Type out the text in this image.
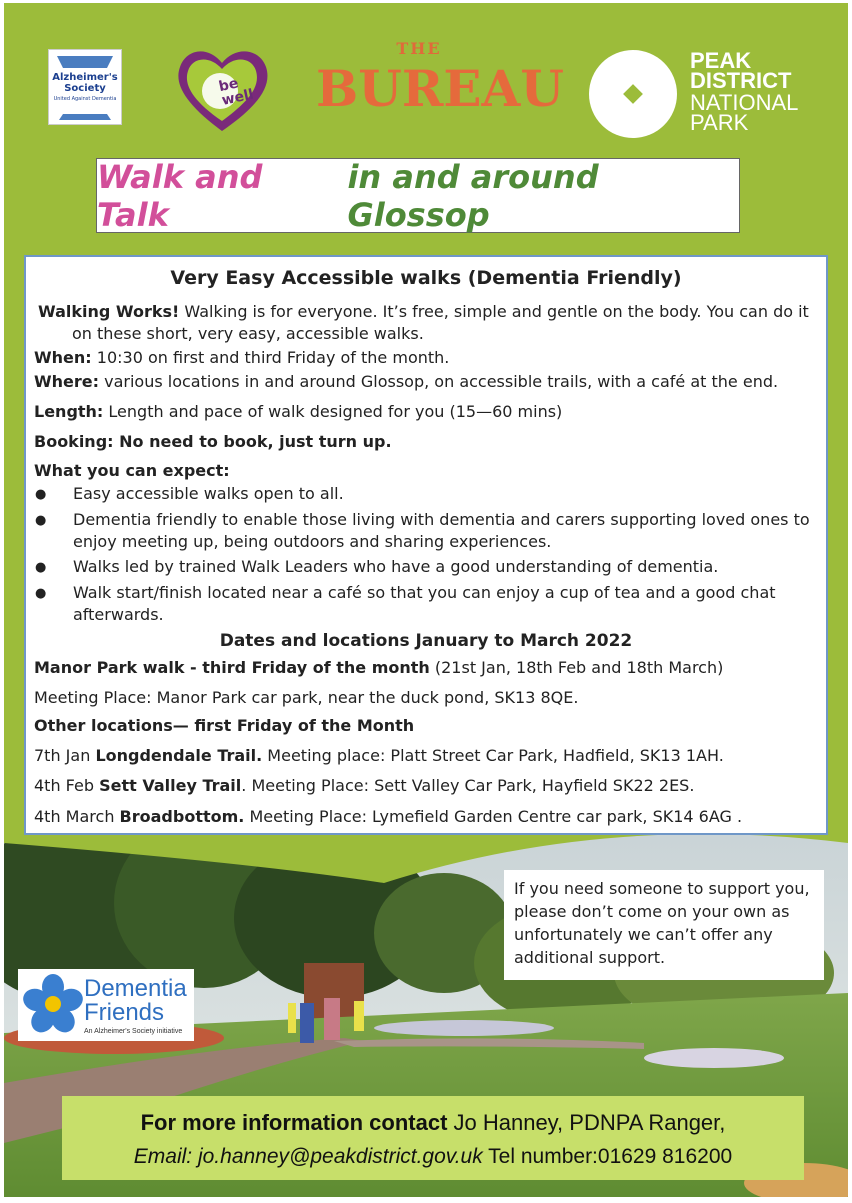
Alzheimer's
Society
United Against Dementia
be well
THE
BUREAU	PEAK
DISTRICT
NATIONAL
PARK
Walk and Talk
in and around Glossop
Very Easy Accessible walks (Dementia Friendly)
Walking Works! Walking is for everyone. It’s free, simple and gentle on the body. You can do it
on these short, very easy, accessible walks.
When: 10:30 on first and third Friday of the month.
Where: various locations in and around Glossop, on accessible trails, with a café at the end.
Length: Length and pace of walk designed for you (15—60 mins)
Booking: No need to book, just turn up.
What you can expect:
● Easy accessible walks open to all.
● Dementia friendly to enable those living with dementia and carers supporting loved ones to
enjoy meeting up, being outdoors and sharing experiences.
● Walks led by trained Walk Leaders who have a good understanding of dementia.
● Walk start/finish located near a café so that you can enjoy a cup of tea and a good chat
afterwards.
Dates and locations January to March 2022
Manor Park walk - third Friday of the month (21st Jan, 18th Feb and 18th March)
Meeting Place: Manor Park car park, near the duck pond, SK13 8QE.
Other locations— first Friday of the Month
7th Jan Longdendale Trail. Meeting place: Platt Street Car Park, Hadfield, SK13 1AH.
4th Feb Sett Valley Trail. Meeting Place: Sett Valley Car Park, Hayfield SK22 2ES.
4th March Broadbottom. Meeting Place: Lymefield Garden Centre car park, SK14 6AG .
If you need someone to support you,
please don’t come on your own as
unfortunately we can’t offer any
additional support.
Dementia
Friends
An Alzheimer's Society initiative
For more information contact Jo Hanney, PDNPA Ranger,
Email: jo.hanney@peakdistrict.gov.uk Tel number:01629 816200
